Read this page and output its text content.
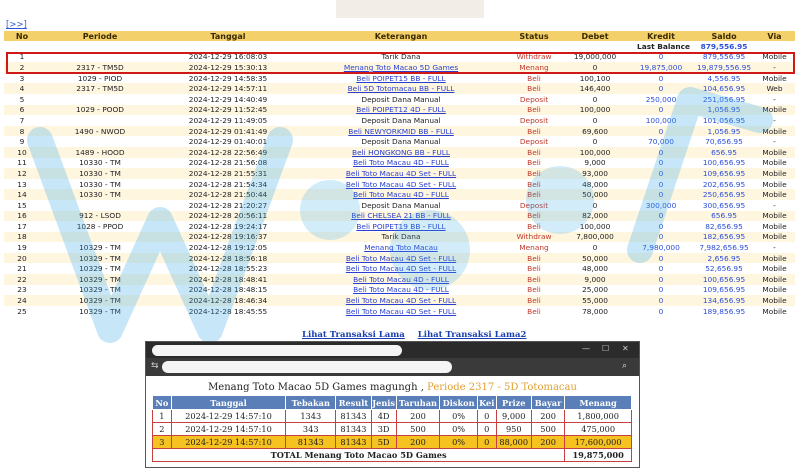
[>>]
No	Periode	Tanggal	Keterangan	Status	Debet	Kredit	Saldo	Via
					Last Balance		879,556.95	
1		2024-12-29 16:08:03	Tarik Dana	Withdraw	19,000,000	0	879,556.95	Mobile
2	2317 - TM5D	2024-12-29 15:30:13	Menang Toto Macao 5D Games	Menang	0	19,875,000	19,879,556.95	-
3	1029 - PIOD	2024-12-29 14:58:35	Beli POIPET15 BB - FULL	Beli	100,100	0	4,556.95	Mobile
4	2317 - TM5D	2024-12-29 14:57:11	Beli 5D Totomacau BB - FULL	Beli	146,400	0	104,656.95	Web
5		2024-12-29 14:40:49	Deposit Dana Manual	Deposit	0	250,000	251,056.95	-
6	1029 - POOD	2024-12-29 11:52:45	Beli POIPET12 4D - FULL	Beli	100,000	0	1,056.95	Mobile
7		2024-12-29 11:49:05	Deposit Dana Manual	Deposit	0	100,000	101,056.95	-
8	1490 - NWOD	2024-12-29 01:41:49	Beli NEWYORKMID BB - FULL	Beli	69,600	0	1,056.95	Mobile
9		2024-12-29 01:40:01	Deposit Dana Manual	Deposit	0	70,000	70,656.95	-
10	1489 - HOOD	2024-12-28 22:56:49	Beli HONGKONG BB - FULL	Beli	100,000	0	656.95	Mobile
11	10330 - TM	2024-12-28 21:56:08	Beli Toto Macau 4D - FULL	Beli	9,000	0	100,656.95	Mobile
12	10330 - TM	2024-12-28 21:55:31	Beli Toto Macau 4D Set - FULL	Beli	93,000	0	109,656.95	Mobile
13	10330 - TM	2024-12-28 21:54:34	Beli Toto Macau 4D Set - FULL	Beli	48,000	0	202,656.95	Mobile
14	10330 - TM	2024-12-28 21:50:44	Beli Toto Macau 4D - FULL	Beli	50,000	0	250,656.95	Mobile
15		2024-12-28 21:20:27	Deposit Dana Manual	Deposit	0	300,000	300,656.95	-
16	912 - LSOD	2024-12-28 20:56:11	Beli CHELSEA 21 BB - FULL	Beli	82,000	0	656.95	Mobile
17	1028 - PPOD	2024-12-28 19:24:17	Beli POIPET19 BB - FULL	Beli	100,000	0	82,656.95	Mobile
18		2024-12-28 19:16:37	Tarik Dana	Withdraw	7,800,000	0	182,656.95	Mobile
19	10329 - TM	2024-12-28 19:12:05	Menang Toto Macau	Menang	0	7,980,000	7,982,656.95	-
20	10329 - TM	2024-12-28 18:56:18	Beli Toto Macau 4D Set - FULL	Beli	50,000	0	2,656.95	Mobile
21	10329 - TM	2024-12-28 18:55:23	Beli Toto Macau 4D Set - FULL	Beli	48,000	0	52,656.95	Mobile
22	10329 - TM	2024-12-28 18:48:41	Beli Toto Macau 4D - FULL	Beli	9,000	0	100,656.95	Mobile
23	10329 - TM	2024-12-28 18:48:15	Beli Toto Macau 4D - FULL	Beli	25,000	0	109,656.95	Mobile
24	10329 - TM	2024-12-28 18:46:34	Beli Toto Macau 4D Set - FULL	Beli	55,000	0	134,656.95	Mobile
25	10329 - TM	2024-12-28 18:45:55	Beli Toto Macau 4D Set - FULL	Beli	78,000	0	189,856.95	Mobile
Lihat Transaksi Lama Lihat Transaksi Lama2
— ☐ ✕
⇆	⌕
Menang Toto Macao 5D Games magungh , Periode 2317 - 5D Totomacau
No	Tanggal	Tebakan	Result	Jenis	Taruhan	Diskon	Kei	Prize	Bayar	Menang
1	2024-12-29 14:57:10	1343	81343	4D	200	0%	0	9,000	200	1,800,000
2	2024-12-29 14:57:10	343	81343	3D	500	0%	0	950	500	475,000
3	2024-12-29 14:57:10	81343	81343	5D	200	0%	0	88,000	200	17,600,000
TOTAL Menang Toto Macao 5D Games										19,875,000
